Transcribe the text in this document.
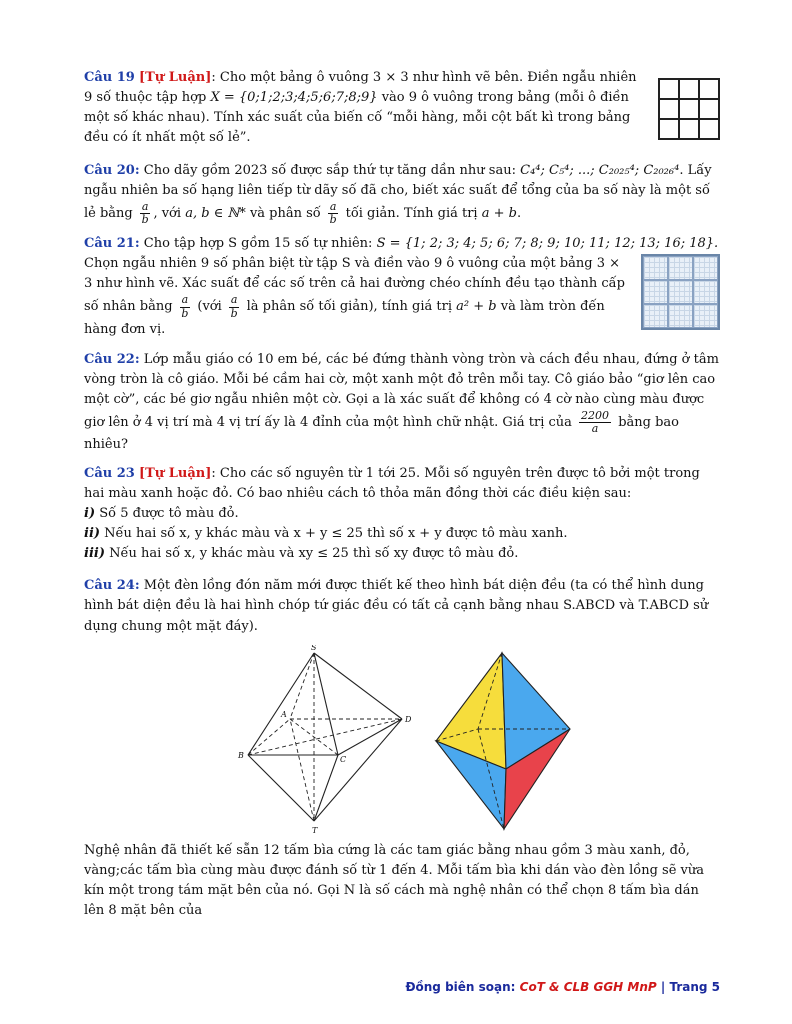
Câu 19 [Tự Luận]: Cho một bảng ô vuông 3 × 3 như hình vẽ bên. Điền ngẫu nhiên 9 số thuộc tập hợp X = {0;1;2;3;4;5;6;7;8;9} vào 9 ô vuông trong bảng (mỗi ô điền một số khác nhau). Tính xác suất của biến cố “mỗi hàng, mỗi cột bất kì trong bảng đều có ít nhất một số lẻ”.
Câu 20: Cho dãy gồm 2023 số được sắp thứ tự tăng dần như sau: C₄⁴; C₅⁴; ...; C₂₀₂₅⁴; C₂₀₂₆⁴. Lấy ngẫu nhiên ba số hạng liên tiếp từ dãy số đã cho, biết xác suất để tổng của ba số này là một số lẻ bằng $\frac{a}{b}$ , với a, b ∈ ℕ* và phân số $\frac{a}{b}$ tối giản. Tính giá trị a + b.
Câu 21: Cho tập hợp S gồm 15 số tự nhiên: S = {1; 2; 3; 4; 5; 6; 7; 8; 9; 10; 11; 12; 13; 16; 18}.
Chọn ngẫu nhiên 9 số phân biệt từ tập S và điền vào 9 ô vuông của một bảng 3 × 3 như hình vẽ. Xác suất để các số trên cả hai đường chéo chính đều tạo thành cấp số nhân bằng $\frac{a}{b}$ (với $\frac{a}{b}$ là phân số tối giản), tính giá trị a² + b và làm tròn đến hàng đơn vị.
Câu 22: Lớp mẫu giáo có 10 em bé, các bé đứng thành vòng tròn và cách đều nhau, đứng ở tâm vòng tròn là cô giáo. Mỗi bé cầm hai cờ, một xanh một đỏ trên mỗi tay. Cô giáo bảo “giơ lên cao một cờ”, các bé giơ ngẫu nhiên một cờ. Gọi a là xác suất để không có 4 cờ nào cùng màu được giơ lên ở 4 vị trí mà 4 vị trí ấy là 4 đỉnh của một hình chữ nhật. Giá trị của $\frac{2200}{a}$ bằng bao nhiêu?
Câu 23 [Tự Luận]: Cho các số nguyên từ 1 tới 25. Mỗi số nguyên trên được tô bởi một trong hai màu xanh hoặc đỏ. Có bao nhiêu cách tô thỏa mãn đồng thời các điều kiện sau:
i) Số 5 được tô màu đỏ.
ii) Nếu hai số x, y khác màu và x + y ≤ 25 thì số x + y được tô màu xanh.
iii) Nếu hai số x, y khác màu và xy ≤ 25 thì số xy được tô màu đỏ.
Câu 24: Một đèn lồng đón năm mới được thiết kế theo hình bát diện đều (ta có thể hình dung hình bát diện đều là hai hình chóp tứ giác đều có tất cả cạnh bằng nhau S.ABCD và T.ABCD sử dụng chung một mặt đáy).
S
A
B	C
D
T
Nghệ nhân đã thiết kế sẵn 12 tấm bìa cứng là các tam giác bằng nhau gồm 3 màu xanh, đỏ, vàng;các tấm bìa cùng màu được đánh số từ 1 đến 4. Mỗi tấm bìa khi dán vào đèn lồng sẽ vừa kín một trong tám mặt bên của nó. Gọi N là số cách mà nghệ nhân có thể chọn 8 tấm bìa dán lên 8 mặt bên của
Đồng biên soạn: CoT & CLB GGH MnP | Trang 5
